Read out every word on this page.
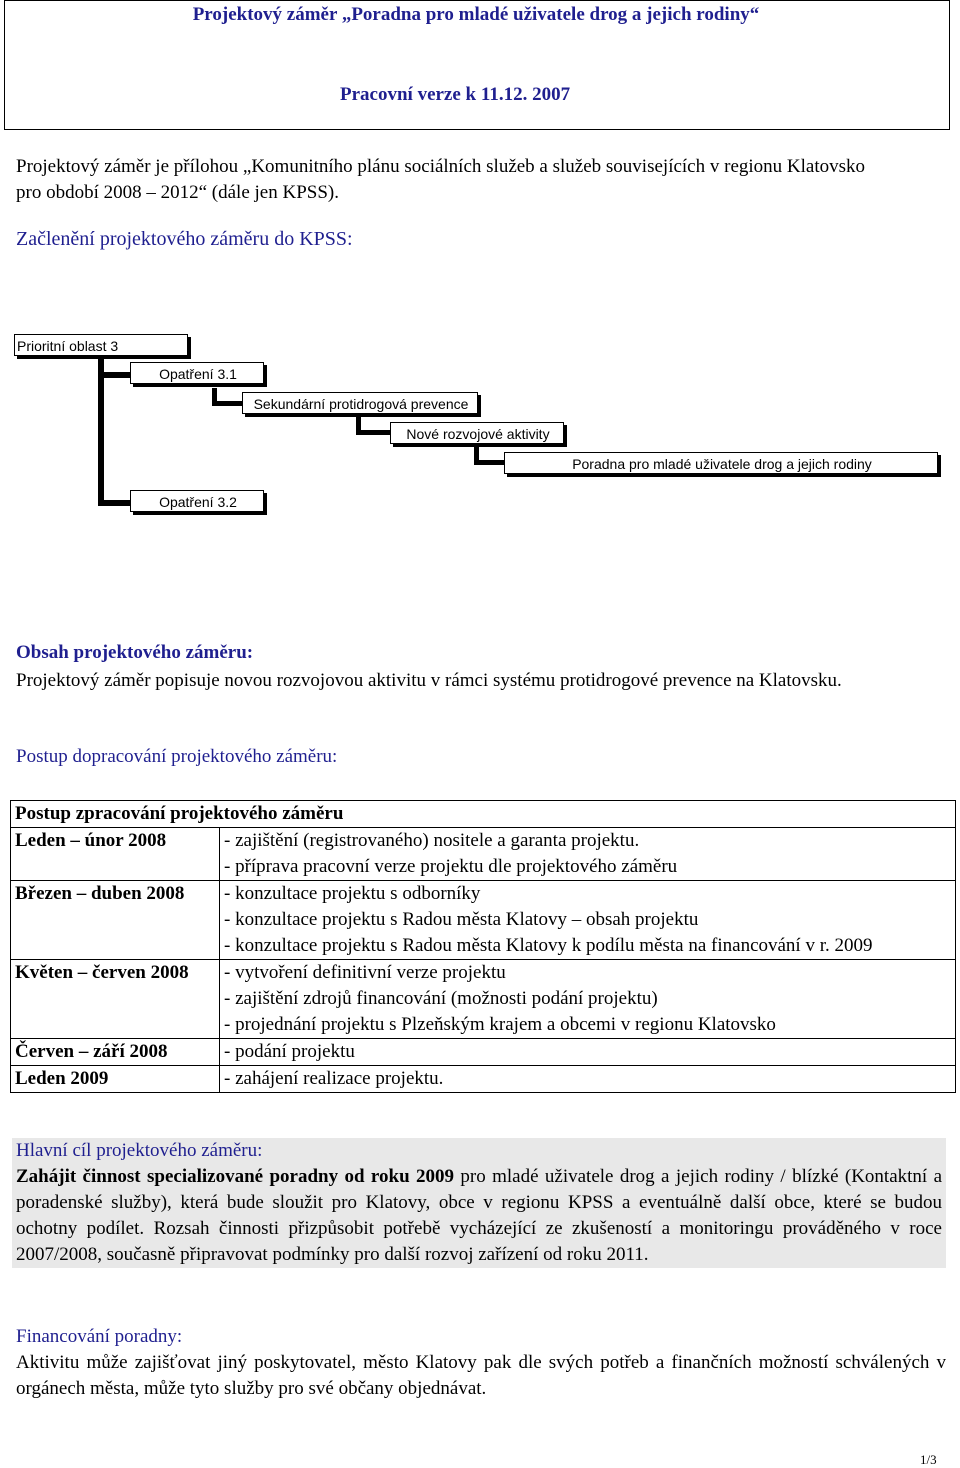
Projektový záměr „Poradna pro mladé uživatele drog a jejich rodiny“
Pracovní verze k 11.12. 2007
Projektový záměr je přílohou „Komunitního plánu sociálních služeb a služeb souvisejících v regionu Klatovsko
pro období 2008 – 2012“ (dále jen KPSS).
Začlenění projektového záměru do KPSS:
Prioritní oblast 3
Opatření 3.1
Sekundární protidrogová prevence
Nové rozvojové aktivity
Poradna pro mladé uživatele drog a jejich rodiny
Opatření 3.2
Obsah projektového záměru:
Projektový záměr popisuje novou rozvojovou aktivitu v rámci systému protidrogové prevence na Klatovsku.
Postup dopracování projektového záměru:
Postup zpracování projektového záměru	
Leden – únor 2008	- zajištění (registrovaného) nositele a garanta projektu.
- příprava pracovní verze projektu dle projektového záměru

Březen – duben 2008	- konzultace projektu s odborníky
- konzultace projektu s Radou města Klatovy – obsah projektu
- konzultace projektu s Radou města Klatovy k podílu města na financování v r. 2009

Květen – červen 2008	- vytvoření definitivní verze projektu
- zajištění zdrojů financování (možnosti podání projektu)
- projednání projektu s Plzeňským krajem a obcemi v regionu Klatovsko

Červen – září 2008	- podání projektu

Leden 2009	- zahájení realizace projektu.
Hlavní cíl projektového záměru:
Zahájit činnost specializované poradny od roku 2009 pro mladé uživatele drog a jejich rodiny / blízké (Kontaktní a poradenské služby), která bude sloužit pro Klatovy, obce v regionu KPSS a eventuálně další obce, které se budou ochotny podílet. Rozsah činnosti přizpůsobit potřebě vycházející ze zkušeností a monitoringu prováděného v roce 2007/2008, současně připravovat podmínky pro další rozvoj zařízení od roku 2011.
Financování poradny:
Aktivitu může zajišťovat jiný poskytovatel, město Klatovy pak dle svých potřeb a finančních možností schválených v orgánech města, může tyto služby pro své občany objednávat.
1/3
